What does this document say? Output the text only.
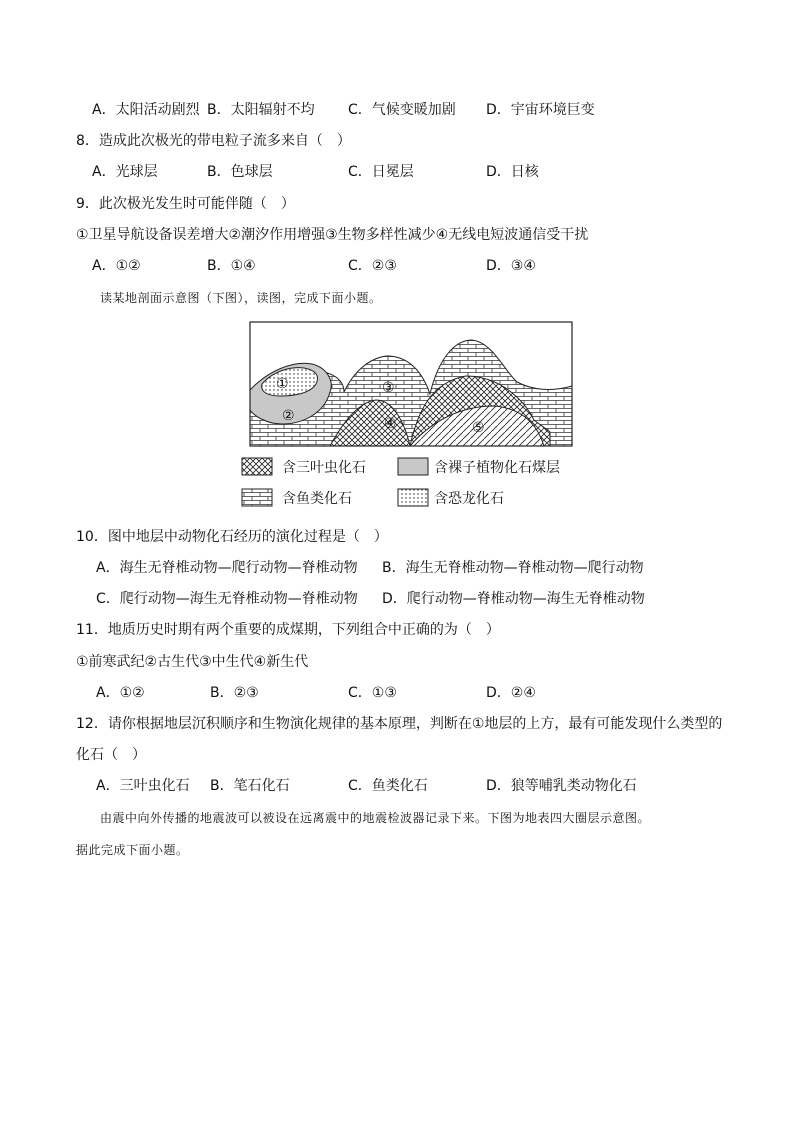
A．太阳活动剧烈 B．太阳辐射不均 C．气候变暖加剧 D．宇宙环境巨变
8．造成此次极光的带电粒子流多来自（　）
A．光球层	B．色球层	C．日冕层	D．日核
9．此次极光发生时可能伴随（　）
①卫星导航设备误差增大②潮汐作用增强③生物多样性减少④无线电短波通信受干扰
A．①②	B．①④	C．②③	D．③④
读某地剖面示意图（下图），读图，完成下面小题。
①
②
③
④	⑤
含三叶虫化石	含裸子植物化石煤层
含鱼类化石	含恐龙化石
10．图中地层中动物化石经历的演化过程是（　）
A．海生无脊椎动物—爬行动物—脊椎动物 B．海生无脊椎动物—脊椎动物—爬行动物
C．爬行动物—海生无脊椎动物—脊椎动物 D．爬行动物—脊椎动物—海生无脊椎动物
11．地质历史时期有两个重要的成煤期，下列组合中正确的为（　）
①前寒武纪②古生代③中生代④新生代
A．①②	B．②③	C．①③	D．②④
12．请你根据地层沉积顺序和生物演化规律的基本原理，判断在①地层的上方，最有可能发现什么类型的
化石（　）
A．三叶虫化石 B．笔石化石	C．鱼类化石	D．狼等哺乳类动物化石
由震中向外传播的地震波可以被设在远离震中的地震检波器记录下来。下图为地表四大圈层示意图。
据此完成下面小题。
